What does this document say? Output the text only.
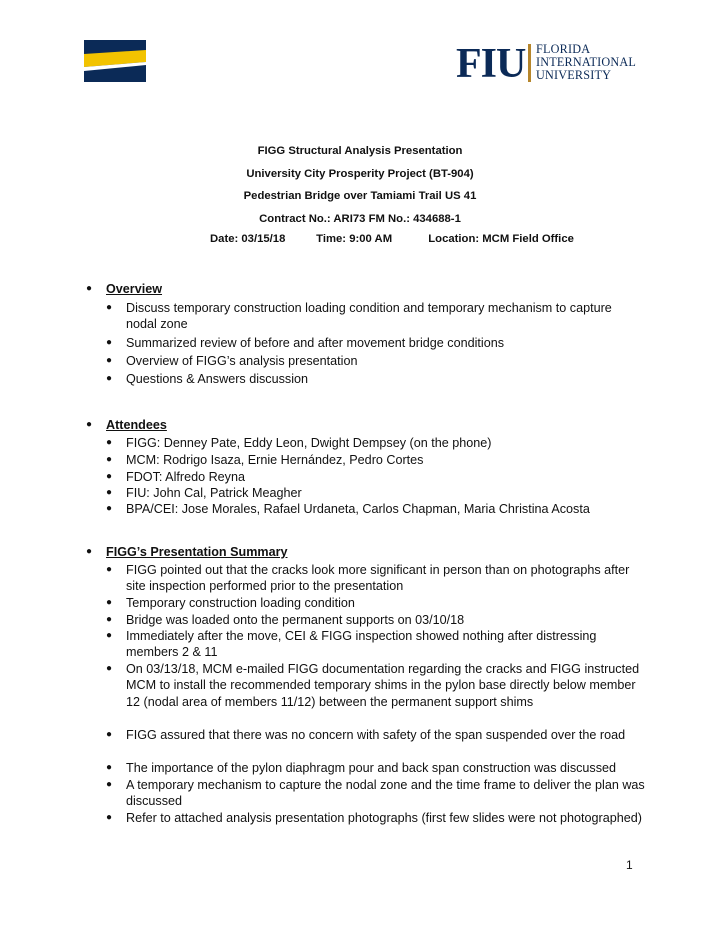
FIU FLORIDA
INTERNATIONAL
UNIVERSITY
FIGG Structural Analysis Presentation
University City Prosperity Project (BT-904)
Pedestrian Bridge over Tamiami Trail US 41
Contract No.: ARI73 FM No.: 434688-1
Date: 03/15/18	Time: 9:00 AM	Location: MCM Field Office
● Overview
● Discuss temporary construction loading condition and temporary mechanism to capture nodal zone
● Summarized review of before and after movement bridge conditions
● Overview of FIGG’s analysis presentation
● Questions & Answers discussion
● Attendees
● FIGG: Denney Pate, Eddy Leon, Dwight Dempsey (on the phone)
● MCM: Rodrigo Isaza, Ernie Hernández, Pedro Cortes
● FDOT: Alfredo Reyna
● FIU: John Cal, Patrick Meagher
● BPA/CEI: Jose Morales, Rafael Urdaneta, Carlos Chapman, Maria Christina Acosta
● FIGG’s Presentation Summary
● FIGG pointed out that the cracks look more significant in person than on photographs after site inspection performed prior to the presentation
● Temporary construction loading condition
● Bridge was loaded onto the permanent supports on 03/10/18
● Immediately after the move, CEI & FIGG inspection showed nothing after distressing members 2 & 11
● On 03/13/18, MCM e-mailed FIGG documentation regarding the cracks and FIGG instructed MCM to install the recommended temporary shims in the pylon base directly below member 12 (nodal area of members 11/12) between the permanent support shims
● FIGG assured that there was no concern with safety of the span suspended over the road
● The importance of the pylon diaphragm pour and back span construction was discussed
● A temporary mechanism to capture the nodal zone and the time frame to deliver the plan was discussed
● Refer to attached analysis presentation photographs (first few slides were not photographed)
1
